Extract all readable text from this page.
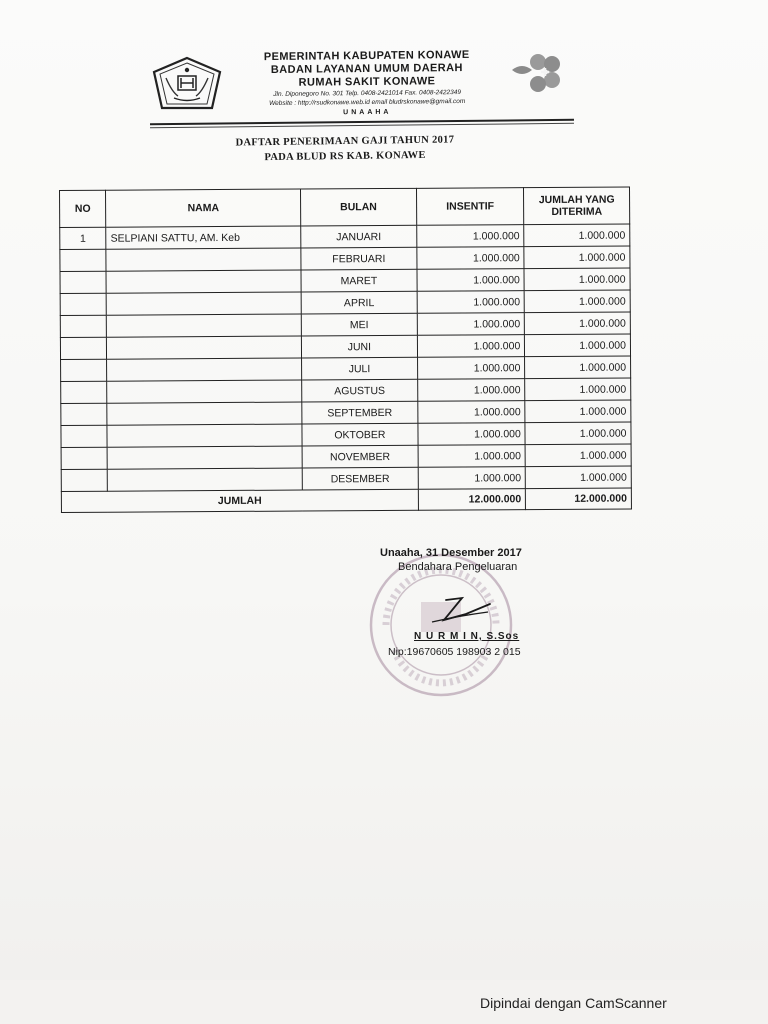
PEMERINTAH KABUPATEN KONAWE
BADAN LAYANAN UMUM DAERAH
RUMAH SAKIT KONAWE
Jln. Diponegoro No. 301 Telp. 0408-2421014 Fax. 0408-2422349
Website : http://rsudkonawe.web.id email bludrskonawe@gmail.com
UNAAHA
DAFTAR PENERIMAAN GAJI TAHUN 2017
PADA BLUD RS KAB. KONAWE
NO	NAMA	BULAN	INSENTIF	JUMLAH YANG
DITERIMA

1	SELPIANI SATTU, AM. Keb	JANUARI	1.000.000	1.000.000
		FEBRUARI	1.000.000	1.000.000
		MARET	1.000.000	1.000.000
		APRIL	1.000.000	1.000.000
		MEI	1.000.000	1.000.000
		JUNI	1.000.000	1.000.000
		JULI	1.000.000	1.000.000
		AGUSTUS	1.000.000	1.000.000
		SEPTEMBER	1.000.000	1.000.000
		OKTOBER	1.000.000	1.000.000
		NOVEMBER	1.000.000	1.000.000
		DESEMBER	1.000.000	1.000.000
JUMLAH			12.000.000	12.000.000
Unaaha, 31 Desember 2017
Bendahara Pengeluaran
N U R M I N, S.Sos
Nip:19670605 198903 2 015
Dipindai dengan CamScanner
